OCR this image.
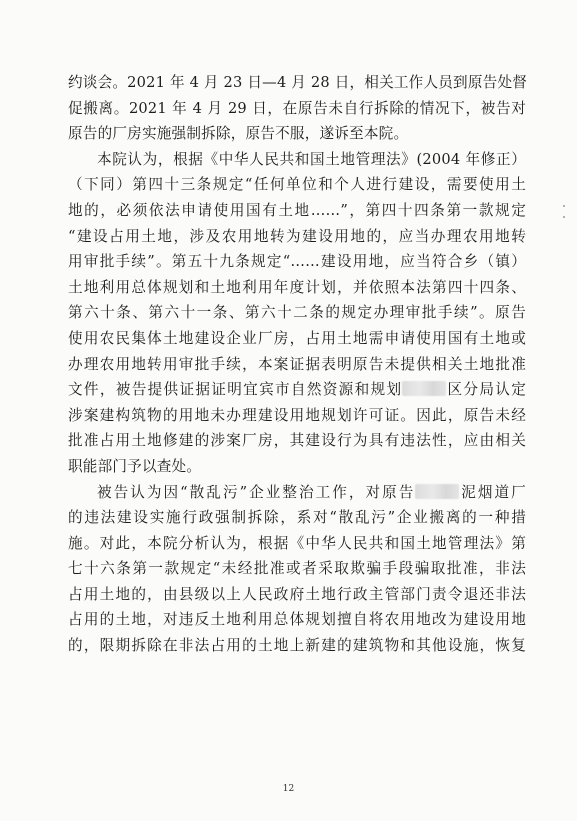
约谈会。2021 年 4 月 23 日—4 月 28 日，相关工作人员到原告处督
促搬离。2021 年 4 月 29 日，在原告未自行拆除的情况下，被告对
原告的厂房实施强制拆除，原告不服，遂诉至本院。
本院认为，根据《中华人民共和国土地管理法》(2004 年修正）
（下同）第四十三条规定“任何单位和个人进行建设，需要使用土
地的，必须依法申请使用国有土地……”，第四十四条第一款规定
“建设占用土地，涉及农用地转为建设用地的，应当办理农用地转
用审批手续”。第五十九条规定“……建设用地，应当符合乡（镇）
土地利用总体规划和土地利用年度计划，并依照本法第四十四条、
第六十条、第六十一条、第六十二条的规定办理审批手续”。原告
使用农民集体土地建设企业厂房，占用土地需申请使用国有土地或
办理农用地转用审批手续，本案证据表明原告未提供相关土地批准
文件，被告提供证据证明宜宾市自然资源和规划	区分局认定
涉案建构筑物的用地未办理建设用地规划许可证。因此，原告未经
批准占用土地修建的涉案厂房，其建设行为具有违法性，应由相关
职能部门予以查处。
被告认为因“散乱污”企业整治工作，对原告	泥烟道厂
的违法建设实施行政强制拆除，系对“散乱污”企业搬离的一种措
施。对此，本院分析认为，根据《中华人民共和国土地管理法》第
七十六条第一款规定“未经批准或者采取欺骗手段骗取批准，非法
占用土地的，由县级以上人民政府土地行政主管部门责令退还非法
占用的土地，对违反土地利用总体规划擅自将农用地改为建设用地
的，限期拆除在非法占用的土地上新建的建筑物和其他设施，恢复
12
